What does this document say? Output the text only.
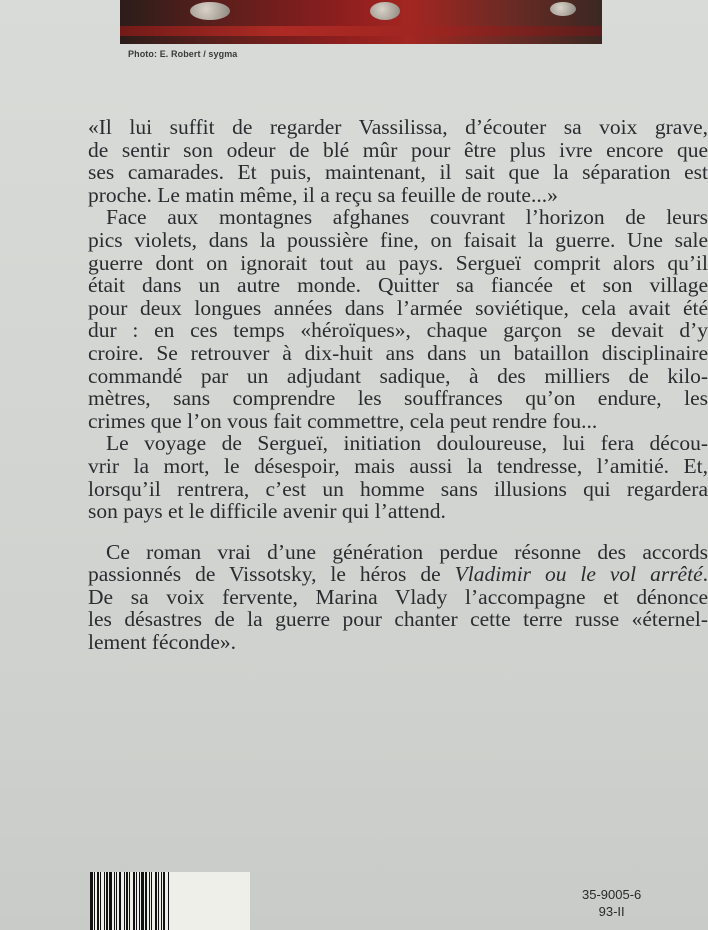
Photo: E. Robert / sygma
«Il lui suffit de regarder Vassilissa, d’écouter sa voix grave,
de sentir son odeur de blé mûr pour être plus ivre encore que
ses camarades. Et puis, maintenant, il sait que la séparation est
proche. Le matin même, il a reçu sa feuille de route...»
Face aux montagnes afghanes couvrant l’horizon de leurs
pics violets, dans la poussière fine, on faisait la guerre. Une sale
guerre dont on ignorait tout au pays. Sergueï comprit alors qu’il
était dans un autre monde. Quitter sa fiancée et son village
pour deux longues années dans l’armée soviétique, cela avait été
dur : en ces temps «héroïques», chaque garçon se devait d’y
croire. Se retrouver à dix-huit ans dans un bataillon disciplinaire
commandé par un adjudant sadique, à des milliers de kilo-
mètres, sans comprendre les souffrances qu’on endure, les
crimes que l’on vous fait commettre, cela peut rendre fou...
Le voyage de Sergueï, initiation douloureuse, lui fera décou-
vrir la mort, le désespoir, mais aussi la tendresse, l’amitié. Et,
lorsqu’il rentrera, c’est un homme sans illusions qui regardera
son pays et le difficile avenir qui l’attend.
Ce roman vrai d’une génération perdue résonne des accords
passionnés de Vissotsky, le héros de Vladimir ou le vol arrêté.
De sa voix fervente, Marina Vlady l’accompagne et dénonce
les désastres de la guerre pour chanter cette terre russe «éternel-
lement féconde».
35-9005-6
93-II
